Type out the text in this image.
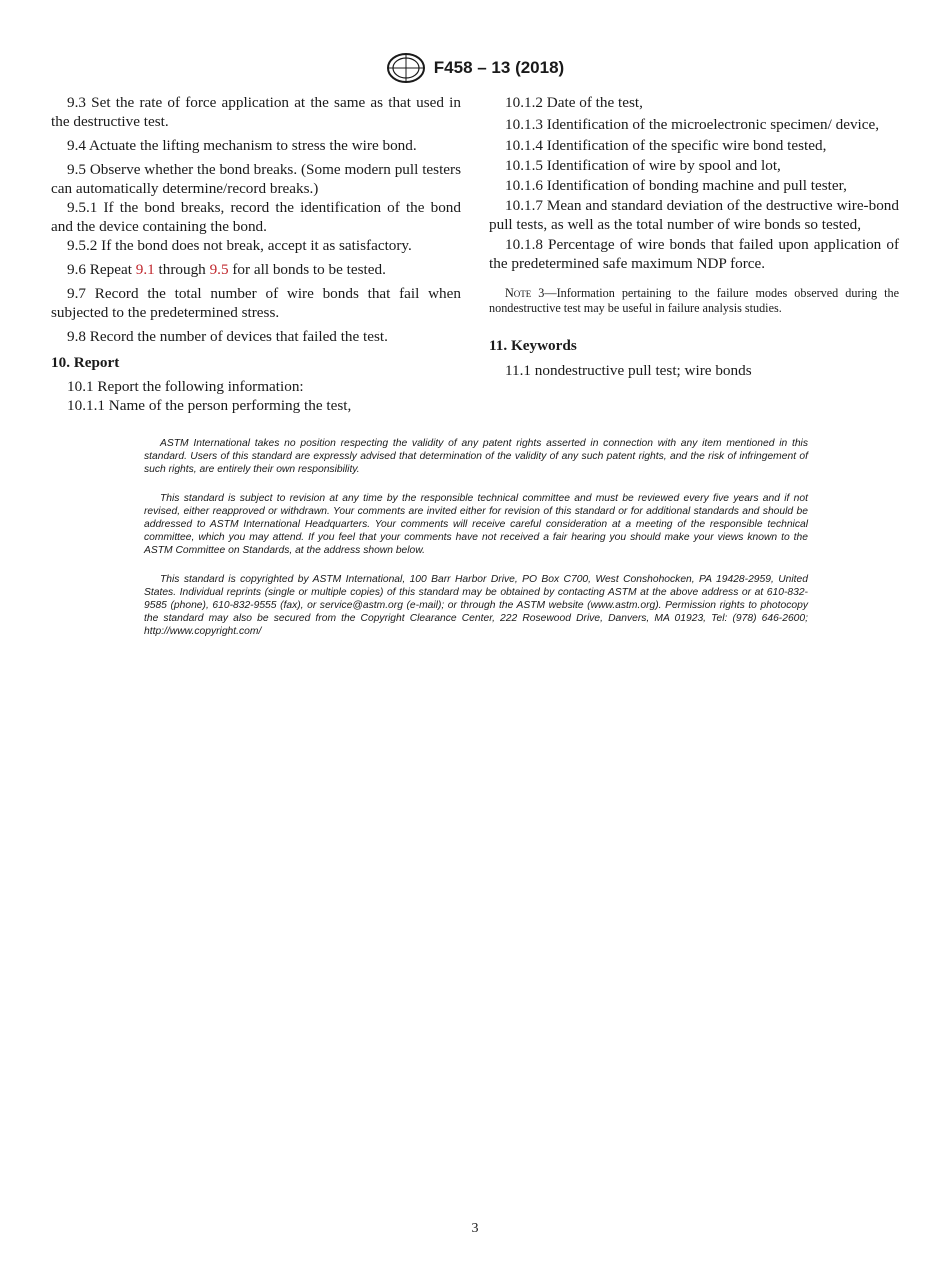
F458 – 13 (2018)

9.3 Set the rate of force application at the same as that used in the destructive test.

9.4 Actuate the lifting mechanism to stress the wire bond.

9.5 Observe whether the bond breaks. (Some modern pull testers can automatically determine/record breaks.)

9.5.1 If the bond breaks, record the identification of the bond and the device containing the bond.

9.5.2 If the bond does not break, accept it as satisfactory.

9.6 Repeat 9.1 through 9.5 for all bonds to be tested.

9.7 Record the total number of wire bonds that fail when subjected to the predetermined stress.

9.8 Record the number of devices that failed the test.

10. Report

10.1 Report the following information:

10.1.1 Name of the person performing the test,

10.1.2 Date of the test,

10.1.3 Identification of the microelectronic specimen/ device,

10.1.4 Identification of the specific wire bond tested,

10.1.5 Identification of wire by spool and lot,

10.1.6 Identification of bonding machine and pull tester,

10.1.7 Mean and standard deviation of the destructive wire-bond pull tests, as well as the total number of wire bonds so tested,

10.1.8 Percentage of wire bonds that failed upon application of the predetermined safe maximum NDP force.

Note 3—Information pertaining to the failure modes observed during the nondestructive test may be useful in failure analysis studies.

11. Keywords

11.1 nondestructive pull test; wire bonds

ASTM International takes no position respecting the validity of any patent rights asserted in connection with any item mentioned in this standard. Users of this standard are expressly advised that determination of the validity of any such patent rights, and the risk of infringement of such rights, are entirely their own responsibility.

This standard is subject to revision at any time by the responsible technical committee and must be reviewed every five years and if not revised, either reapproved or withdrawn. Your comments are invited either for revision of this standard or for additional standards and should be addressed to ASTM International Headquarters. Your comments will receive careful consideration at a meeting of the responsible technical committee, which you may attend. If you feel that your comments have not received a fair hearing you should make your views known to the ASTM Committee on Standards, at the address shown below.

This standard is copyrighted by ASTM International, 100 Barr Harbor Drive, PO Box C700, West Conshohocken, PA 19428-2959, United States. Individual reprints (single or multiple copies) of this standard may be obtained by contacting ASTM at the above address or at 610-832-9585 (phone), 610-832-9555 (fax), or service@astm.org (e-mail); or through the ASTM website (www.astm.org). Permission rights to photocopy the standard may also be secured from the Copyright Clearance Center, 222 Rosewood Drive, Danvers, MA 01923, Tel: (978) 646-2600; http://www.copyright.com/

3
